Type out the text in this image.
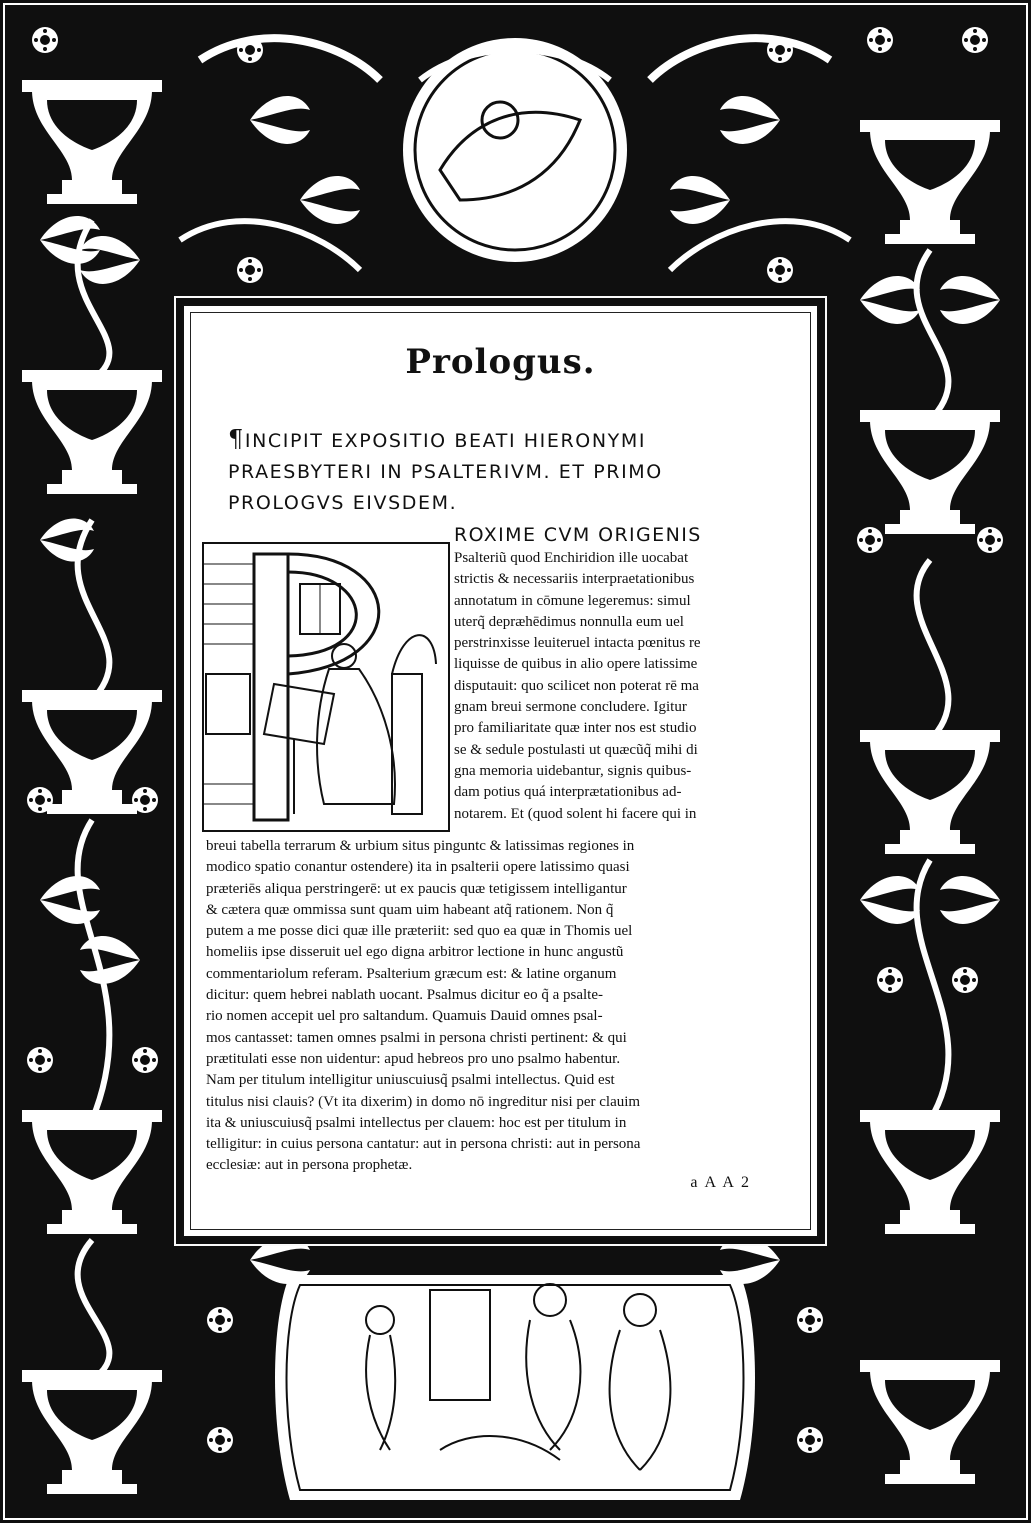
Prologus.
¶INCIPIT EXPOSITIO BEATI HIERONYMI
PRAESBYTERI IN PSALTERIVM. ET PRIMO
PROLOGVS EIVSDEM.
ROXIME CVM ORIGENIS
Psalteriũ quod Enchiridion ille uocabat
strictis & necessariis interpraetationibus
annotatum in cōmune legeremus: simul
uterq̃ depræhēdimus nonnulla eum uel
perstrinxisse leuiteruel intacta pœnitus re
liquisse de quibus in alio opere latissime
disputauit: quo scilicet non poterat rē ma
gnam breui sermone concludere. Igitur
pro familiaritate quæ inter nos est studio
se & sedule postulasti ut quæcũq̃ mihi di
gna memoria uidebantur, signis quibus-
dam potius quá interprætationibus ad-
notarem. Et (quod solent hi facere qui in
breui tabella terrarum & urbium situs pinguntc & latissimas regiones in
modico spatio conantur ostendere) ita in psalterii opere latissimo quasi
præteriēs aliqua perstringerē: ut ex paucis quæ tetigissem intelligantur
& cætera quæ ommissa sunt quam uim habeant atq̃ rationem. Non q̃
putem a me posse dici quæ ille præteriit: sed quo ea quæ in Thomis uel
homeliis ipse disseruit uel ego digna arbitror lectione in hunc angustũ
commentariolum referam. Psalterium græcum est: & latine organum
dicitur: quem hebrei nablath uocant. Psalmus dicitur eo q̃ a psalte-
rio nomen accepit uel pro saltandum. Quamuis Dauid omnes psal-
mos cantasset: tamen omnes psalmi in persona christi pertinent: & qui
prætitulati esse non uidentur: apud hebreos pro uno psalmo habentur.
Nam per titulum intelligitur uniuscuiusq̃ psalmi intellectus. Quid est
titulus nisi clauis? (Vt ita dixerim) in domo nō ingreditur nisi per clauim
ita & uniuscuiusq̃ psalmi intellectus per clauem: hoc est per titulum in
telligitur: in cuius persona cantatur: aut in persona christi: aut in persona
ecclesiæ: aut in persona prophetæ.
a A A 2
